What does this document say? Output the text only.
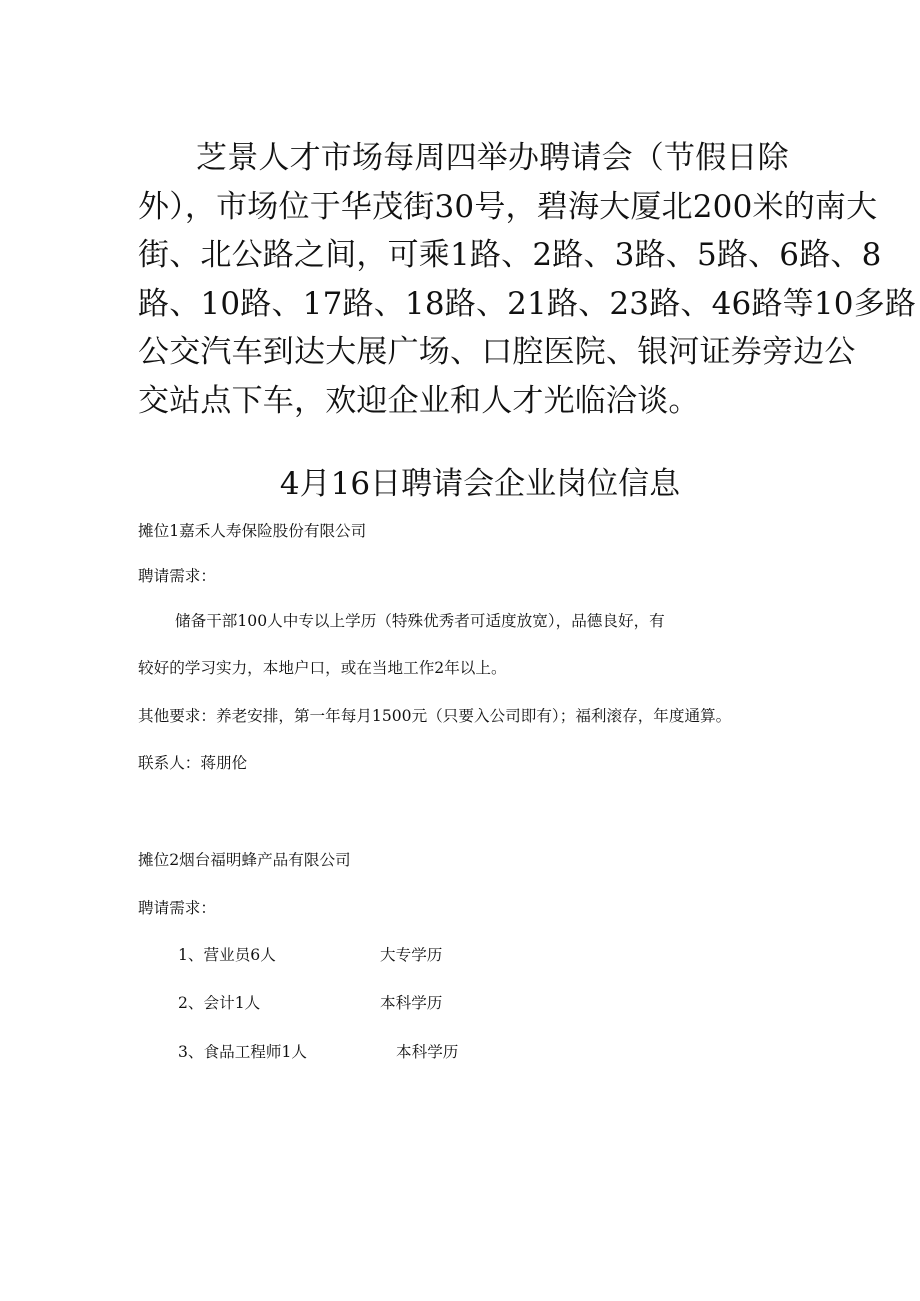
芝景人才市场每周四举办聘请会（节假日除
外），市场位于华茂街30号，碧海大厦北200米的南大
街、北公路之间，可乘1路、2路、3路、5路、6路、8
路、10路、17路、18路、21路、23路、46路等10多路
公交汽车到达大展广场、口腔医院、银河证券旁边公
交站点下车，欢迎企业和人才光临洽谈。
4月16日聘请会企业岗位信息

摊位1嘉禾人寿保险股份有限公司

聘请需求：

储备干部100人中专以上学历（特殊优秀者可适度放宽），品德良好，有

较好的学习实力，本地户口，或在当地工作2年以上。

其他要求：养老安排，第一年每月1500元（只要入公司即有）；福利滚存，年度通算。

联系人：蒋朋伦

摊位2烟台福明蜂产品有限公司

聘请需求：

1、营业员6人	大专学历
2、会计1人	本科学历
3、食品工程师1人	本科学历
